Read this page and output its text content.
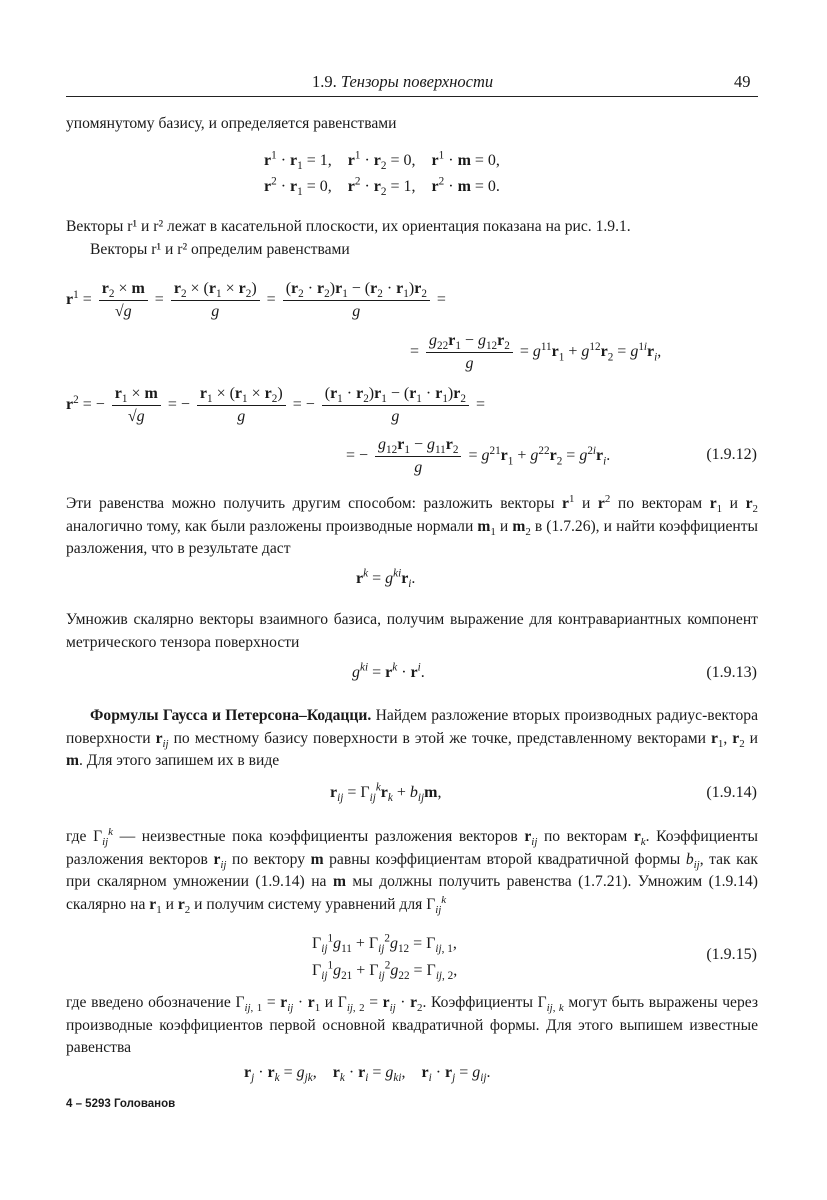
1.9. Тензоры поверхности	49

упомянутому базису, и определяется равенствами

$r^1 \cdot r_1 = 1$,    $r^1 \cdot r_2 = 0$,    $r^1 \cdot m = 0$,
$r^2 \cdot r_1 = 0$,    $r^2 \cdot r_2 = 1$,    $r^2 \cdot m = 0$.

Векторы r¹ и r² лежат в касательной плоскости, их ориентация показана на рис. 1.9.1.

Векторы r¹ и r² определим равенствами

$r^1 = \frac{r_2 \times m}{√g} = \frac{r_2 \times (r_1 \times r_2)}{g} = \frac{(r_2 \cdot r_2)r_1 - (r_2 \cdot r_1)r_2}{g}$ =
= $\frac{g_{22}r_1 - g_{12}r_2}{g} = g^{11}r_1 + g^{12}r_2 = g^{1i}r_i$,
$r^2$ = − $\frac{r_1 \times m}{√g}$ = − $\frac{r_1 \times (r_1 \times r_2)}{g}$ = − $\frac{(r_1 \cdot r_2)r_1 - (r_1 \cdot r_1)r_2}{g}$ =
= − $\frac{g_{12}r_1 - g_{11}r_2}{g} = g^{21}r_1 + g^{22}r_2 = g^{2i}r_i$.	(1.9.12)

Эти равенства можно получить другим способом: разложить векторы $r^1$ и $r^2$ по векторам $r_1$ и $r_2$ аналогично тому, как были разложены производные нормали $m_1$ и $m_2$ в (1.7.26), и найти коэффициенты разложения, что в результате даст

$r^k = g^{ki}r_i$.

Умножив скалярно векторы взаимного базиса, получим выражение для контравариантных компонент метрического тензора поверхности

$g^{ki} = r^k \cdot r^i$.	(1.9.13)

Формулы Гаусса и Петерсона–Кодацци. Найдем разложение вторых производных радиус-вектора поверхности $r_{ij}$ по местному базису поверхности в этой же точке, представленному векторами $r_1$, $r_2$ и m. Для этого запишем их в виде

$r_{ij} = \Gamma_{ij}^kr_k + b_{ij}m$,	(1.9.14)

где $\Gamma_{ij}^k$ — неизвестные пока коэффициенты разложения векторов $r_{ij}$ по векторам $r_k$. Коэффициенты разложения векторов $r_{ij}$ по вектору m равны коэффициентам второй квадратичной формы $b_{ij}$, так как при скалярном умножении (1.9.14) на m мы должны получить равенства (1.7.21). Умножим (1.9.14) скалярно на $r_1$ и $r_2$ и получим систему уравнений для $\Gamma_{ij}^k$

$\Gamma_{ij}^1g_{11} + \Gamma_{ij}^2g_{12} = \Gamma_{ij, 1}$,
$\Gamma_{ij}^1g_{21} + \Gamma_{ij}^2g_{22} = \Gamma_{ij, 2}$,
(1.9.15)

где введено обозначение $\Gamma_{ij, 1} = r_{ij} \cdot r_1$ и $\Gamma_{ij, 2} = r_{ij} \cdot r_2$. Коэффициенты $\Gamma_{ij, k}$ могут быть выражены через производные коэффициентов первой основной квадратичной формы. Для этого выпишем известные равенства

$r_j \cdot r_k = g_{jk}$,    $r_k \cdot r_i = g_{ki}$,    $r_i \cdot r_j = g_{ij}$.
4 – 5293 Голованов
